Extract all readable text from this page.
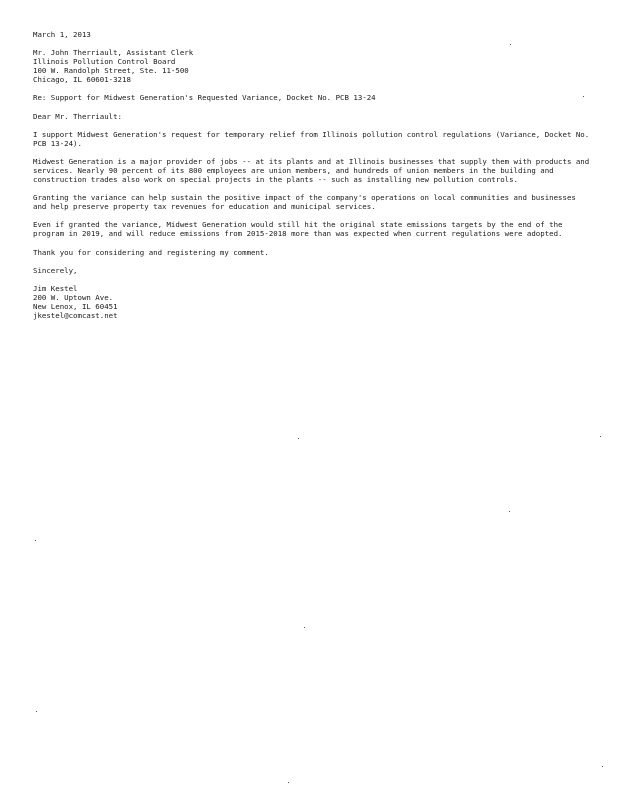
March 1, 2013

Mr. John Therriault, Assistant Clerk

Illinois Pollution Control Board

100 W. Randolph Street, Ste. 11-500

Chicago, IL 60601-3218

Re: Support for Midwest Generation's Requested Variance, Docket No. PCB 13-24

Dear Mr. Therriault:

I support Midwest Generation's request for temporary relief from Illinois pollution control regulations (Variance, Docket No. PCB 13-24).

Midwest Generation is a major provider of jobs -- at its plants and at Illinois businesses that supply them with products and services. Nearly 90 percent of its 800 employees are union members, and hundreds of union members in the building and construction trades also work on special projects in the plants -- such as installing new pollution controls.

Granting the variance can help sustain the positive impact of the company's operations on local communities and businesses and help preserve property tax revenues for education and municipal services.

Even if granted the variance, Midwest Generation would still hit the original state emissions targets by the end of the program in 2019, and will reduce emissions from 2015-2018 more than was expected when current regulations were adopted.

Thank you for considering and registering my comment.

Sincerely,

Jim Kestel

200 W. Uptown Ave.

New Lenox, IL 60451

jkestel@comcast.net
